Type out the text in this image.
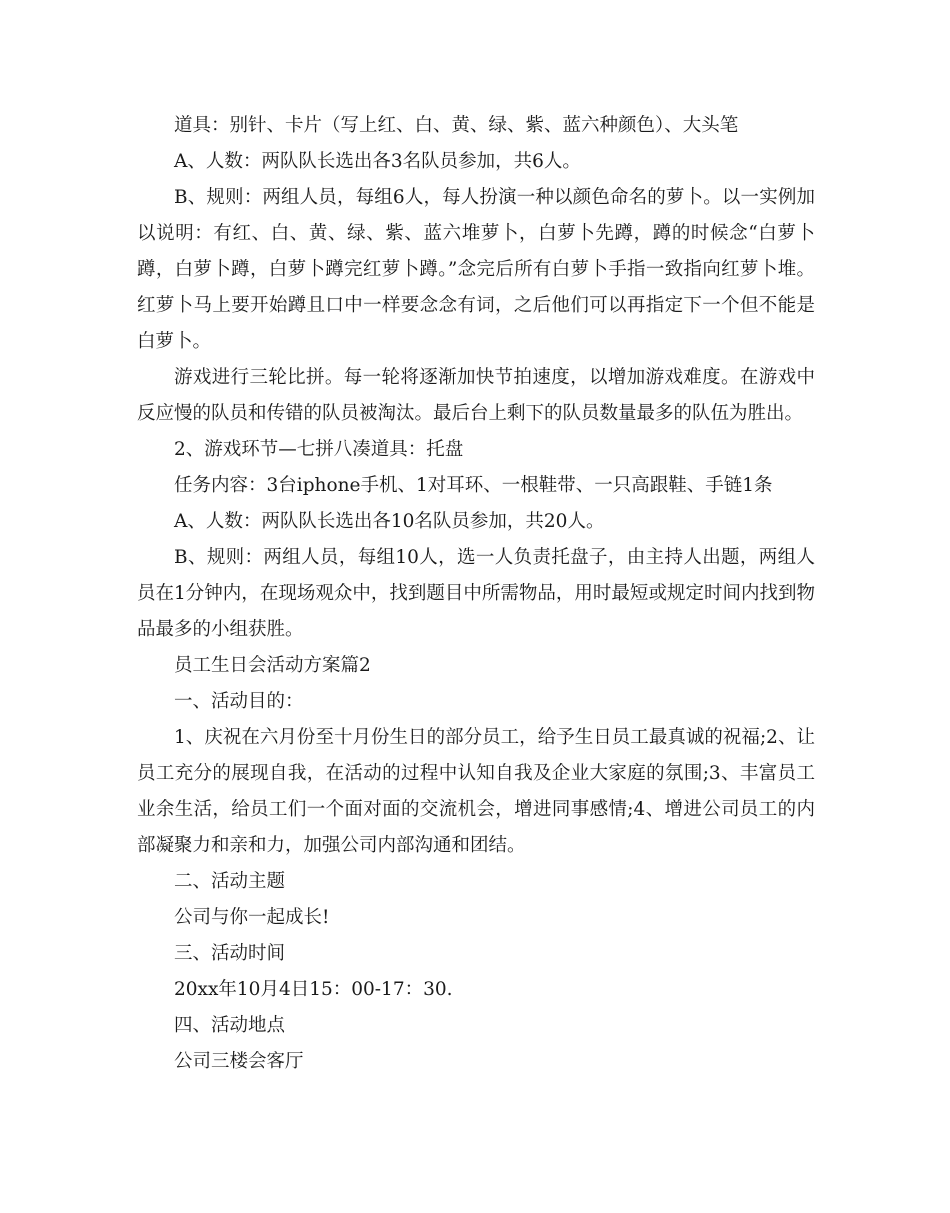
道具：别针、卡片（写上红、白、黄、绿、紫、蓝六种颜色）、大头笔

A、人数：两队队长选出各3名队员参加，共6人。

B、规则：两组人员，每组6人，每人扮演一种以颜色命名的萝卜。以一实例加以说明：有红、白、黄、绿、紫、蓝六堆萝卜，白萝卜先蹲，蹲的时候念“白萝卜蹲，白萝卜蹲，白萝卜蹲完红萝卜蹲。”念完后所有白萝卜手指一致指向红萝卜堆。红萝卜马上要开始蹲且口中一样要念念有词，之后他们可以再指定下一个但不能是白萝卜。

游戏进行三轮比拼。每一轮将逐渐加快节拍速度，以增加游戏难度。在游戏中反应慢的队员和传错的队员被淘汰。最后台上剩下的队员数量最多的队伍为胜出。

2、游戏环节—七拼八凑道具：托盘

任务内容：3台iphone手机、1对耳环、一根鞋带、一只高跟鞋、手链1条

A、人数：两队队长选出各10名队员参加，共20人。

B、规则：两组人员，每组10人，选一人负责托盘子，由主持人出题，两组人员在1分钟内，在现场观众中，找到题目中所需物品，用时最短或规定时间内找到物品最多的小组获胜。

员工生日会活动方案篇2

一、活动目的：

1、庆祝在六月份至十月份生日的部分员工，给予生日员工最真诚的祝福;2、让员工充分的展现自我，在活动的过程中认知自我及企业大家庭的氛围;3、丰富员工业余生活，给员工们一个面对面的交流机会，增进同事感情;4、增进公司员工的内部凝聚力和亲和力，加强公司内部沟通和团结。

二、活动主题

公司与你一起成长!

三、活动时间

20xx年10月4日15：00-17：30.

四、活动地点

公司三楼会客厅
